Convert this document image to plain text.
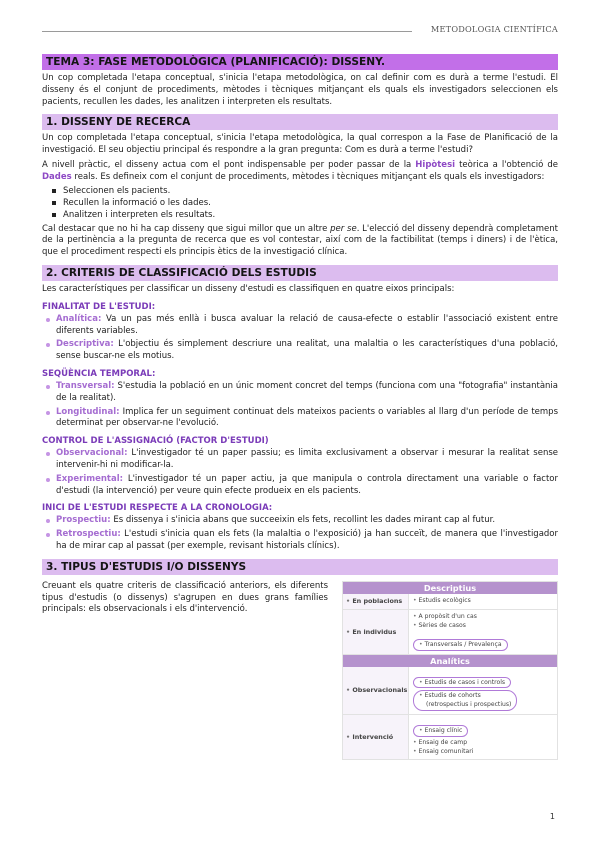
METODOLOGIA CIENTÍFICA
TEMA 3: FASE METODOLÒGICA (PLANIFICACIÓ): DISSENY.

Un cop completada l'etapa conceptual, s'inicia l'etapa metodològica, on cal definir com es durà a terme l'estudi. El disseny és el conjunt de procediments, mètodes i tècniques mitjançant els quals els investigadors seleccionen els pacients, recullen les dades, les analitzen i interpreten els resultats.

1. DISSENY DE RECERCA

Un cop completada l'etapa conceptual, s'inicia l'etapa metodològica, la qual correspon a la Fase de Planificació de la investigació. El seu objectiu principal és respondre a la gran pregunta: Com es durà a terme l'estudi?

A nivell pràctic, el disseny actua com el pont indispensable per poder passar de la Hipòtesi teòrica a l'obtenció de Dades reals. Es defineix com el conjunt de procediments, mètodes i tècniques mitjançant els quals els investigadors:

Seleccionen els pacients.
Recullen la informació o les dades.
Analitzen i interpreten els resultats.

Cal destacar que no hi ha cap disseny que sigui millor que un altre per se. L'elecció del disseny dependrà completament de la pertinència a la pregunta de recerca que es vol contestar, així com de la factibilitat (temps i diners) i de l'ètica, que el procediment respecti els principis ètics de la investigació clínica.

2. CRITERIS DE CLASSIFICACIÓ DELS ESTUDIS

Les característiques per classificar un disseny d'estudi es classifiquen en quatre eixos principals:

FINALITAT DE L'ESTUDI:
Analítica: Va un pas més enllà i busca avaluar la relació de causa-efecte o establir l'associació existent entre diferents variables.
Descriptiva: L'objectiu és simplement descriure una realitat, una malaltia o les característiques d'una població, sense buscar-ne els motius.
SEQÜÈNCIA TEMPORAL:
Transversal: S'estudia la població en un únic moment concret del temps (funciona com una "fotografia" instantània de la realitat).
Longitudinal: Implica fer un seguiment continuat dels mateixos pacients o variables al llarg d'un període de temps determinat per observar-ne l'evolució.
CONTROL DE L'ASSIGNACIÓ (FACTOR D'ESTUDI)
Observacional: L'investigador té un paper passiu; es limita exclusivament a observar i mesurar la realitat sense intervenir-hi ni modificar-la.
Experimental: L'investigador té un paper actiu, ja que manipula o controla directament una variable o factor d'estudi (la intervenció) per veure quin efecte produeix en els pacients.
INICI DE L'ESTUDI RESPECTE A LA CRONOLOGIA:
Prospectiu: Es dissenya i s'inicia abans que succeeixin els fets, recollint les dades mirant cap al futur.
Retrospectiu: L'estudi s'inicia quan els fets (la malaltia o l'exposició) ja han succeït, de manera que l'investigador ha de mirar cap al passat (per exemple, revisant historials clínics).
3. TIPUS D'ESTUDIS I/O DISSENYS

Creuant els quatre criteris de classificació anteriors, els diferents tipus d'estudis (o dissenys) s'agrupen en dues grans famílies principals: els observacionals i els d'intervenció.

Descriptius
• En poblacions
•	Estudis ecològics
• En individus
• A propòsit d'un cas
• Sèries de casos
• Transversals / Prevalença
Analítics
• Observacionals
• Estudis de casos i controls • Estudis de cohorts
(retrospectius i prospectius)
• Intervenció
• Ensaig clínic
• Ensaig de camp
• Ensaig comunitari
1
